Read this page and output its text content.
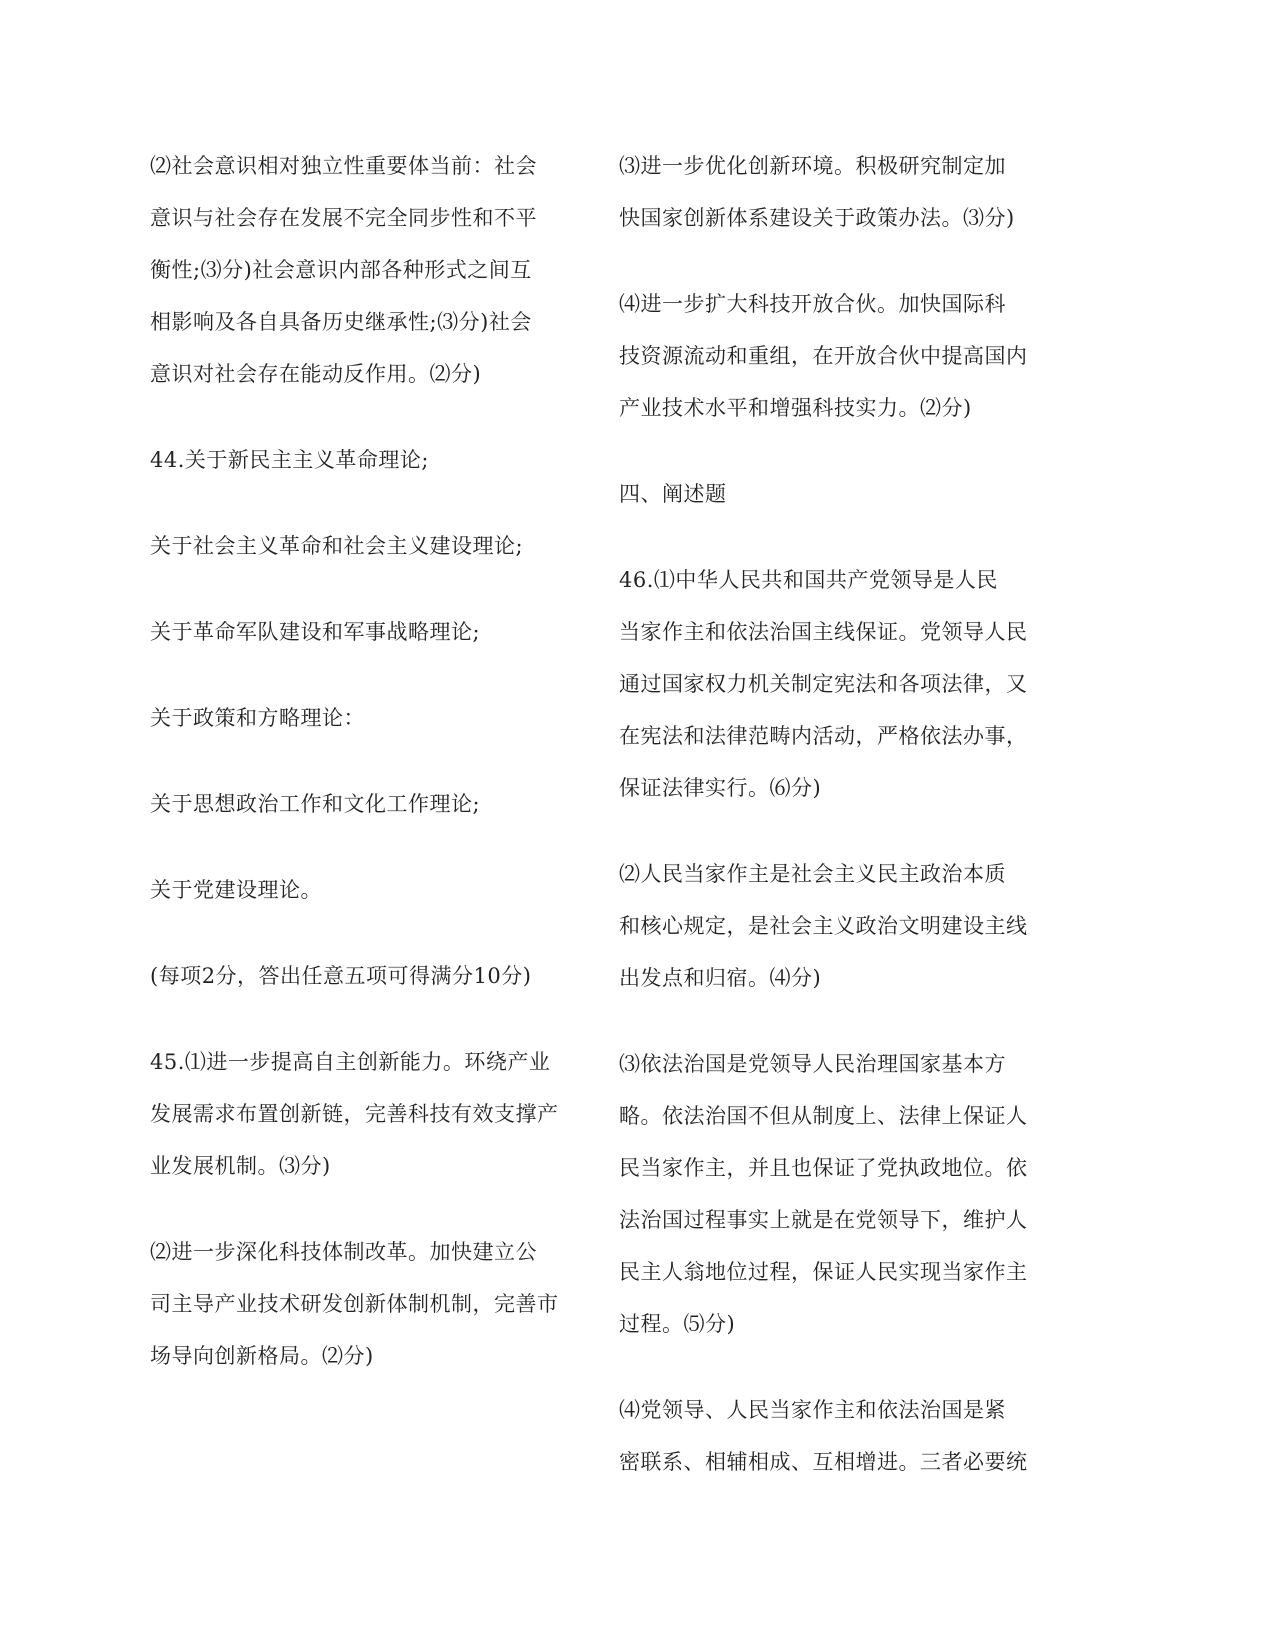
⑵社会意识相对独立性重要体当前：社会
意识与社会存在发展不完全同步性和不平
衡性;⑶分)社会意识内部各种形式之间互
相影响及各自具备历史继承性;⑶分)社会
意识对社会存在能动反作用。⑵分)
44.关于新民主主义革命理论;
关于社会主义革命和社会主义建设理论;
关于革命军队建设和军事战略理论;
关于政策和方略理论：
关于思想政治工作和文化工作理论;
关于党建设理论。
(每项2分，答出任意五项可得满分10分)
45.⑴进一步提高自主创新能力。环绕产业
发展需求布置创新链，完善科技有效支撑产
业发展机制。⑶分)
⑵进一步深化科技体制改革。加快建立公
司主导产业技术研发创新体制机制，完善市
场导向创新格局。⑵分)
⑶进一步优化创新环境。积极研究制定加
快国家创新体系建设关于政策办法。⑶分)
⑷进一步扩大科技开放合伙。加快国际科
技资源流动和重组，在开放合伙中提高国内
产业技术水平和增强科技实力。⑵分)
四、阐述题
46.⑴中华人民共和国共产党领导是人民
当家作主和依法治国主线保证。党领导人民
通过国家权力机关制定宪法和各项法律，又
在宪法和法律范畴内活动，严格依法办事，
保证法律实行。⑹分)
⑵人民当家作主是社会主义民主政治本质
和核心规定，是社会主义政治文明建设主线
出发点和归宿。⑷分)
⑶依法治国是党领导人民治理国家基本方
略。依法治国不但从制度上、法律上保证人
民当家作主，并且也保证了党执政地位。依
法治国过程事实上就是在党领导下，维护人
民主人翁地位过程，保证人民实现当家作主
过程。⑸分)
⑷党领导、人民当家作主和依法治国是紧
密联系、相辅相成、互相增进。三者必要统
